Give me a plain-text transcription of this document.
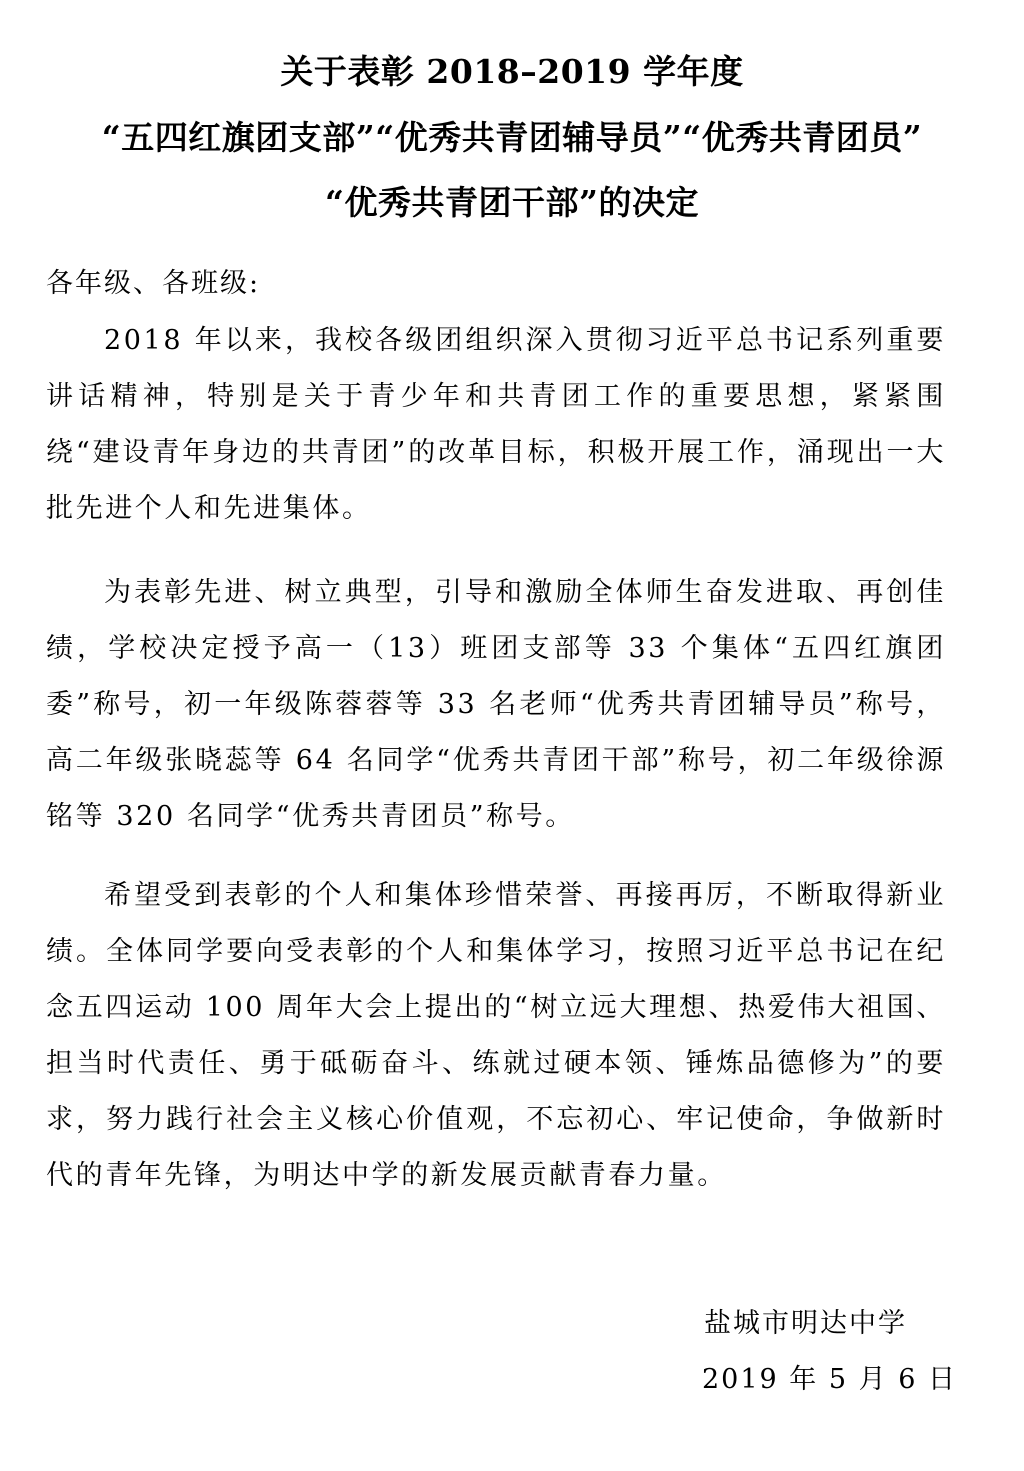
关于表彰 2018–2019 学年度
“五四红旗团支部”“优秀共青团辅导员”“优秀共青团员”
“优秀共青团干部”的决定
各年级、各班级:
2018 年以来，我校各级团组织深入贯彻习近平总书记系列重要讲话精神，特别是关于青少年和共青团工作的重要思想，紧紧围绕“建设青年身边的共青团”的改革目标，积极开展工作，涌现出一大批先进个人和先进集体。
为表彰先进、树立典型，引导和激励全体师生奋发进取、再创佳绩，学校决定授予高一（13）班团支部等 33 个集体“五四红旗团委”称号，初一年级陈蓉蓉等 33 名老师“优秀共青团辅导员”称号，高二年级张晓蕊等 64 名同学“优秀共青团干部”称号，初二年级徐源铭等 320 名同学“优秀共青团员”称号。
希望受到表彰的个人和集体珍惜荣誉、再接再厉，不断取得新业绩。全体同学要向受表彰的个人和集体学习，按照习近平总书记在纪念五四运动 100 周年大会上提出的“树立远大理想、热爱伟大祖国、担当时代责任、勇于砥砺奋斗、练就过硬本领、锤炼品德修为”的要求，努力践行社会主义核心价值观，不忘初心、牢记使命，争做新时代的青年先锋，为明达中学的新发展贡献青春力量。
盐城市明达中学
2019 年 5 月 6 日
